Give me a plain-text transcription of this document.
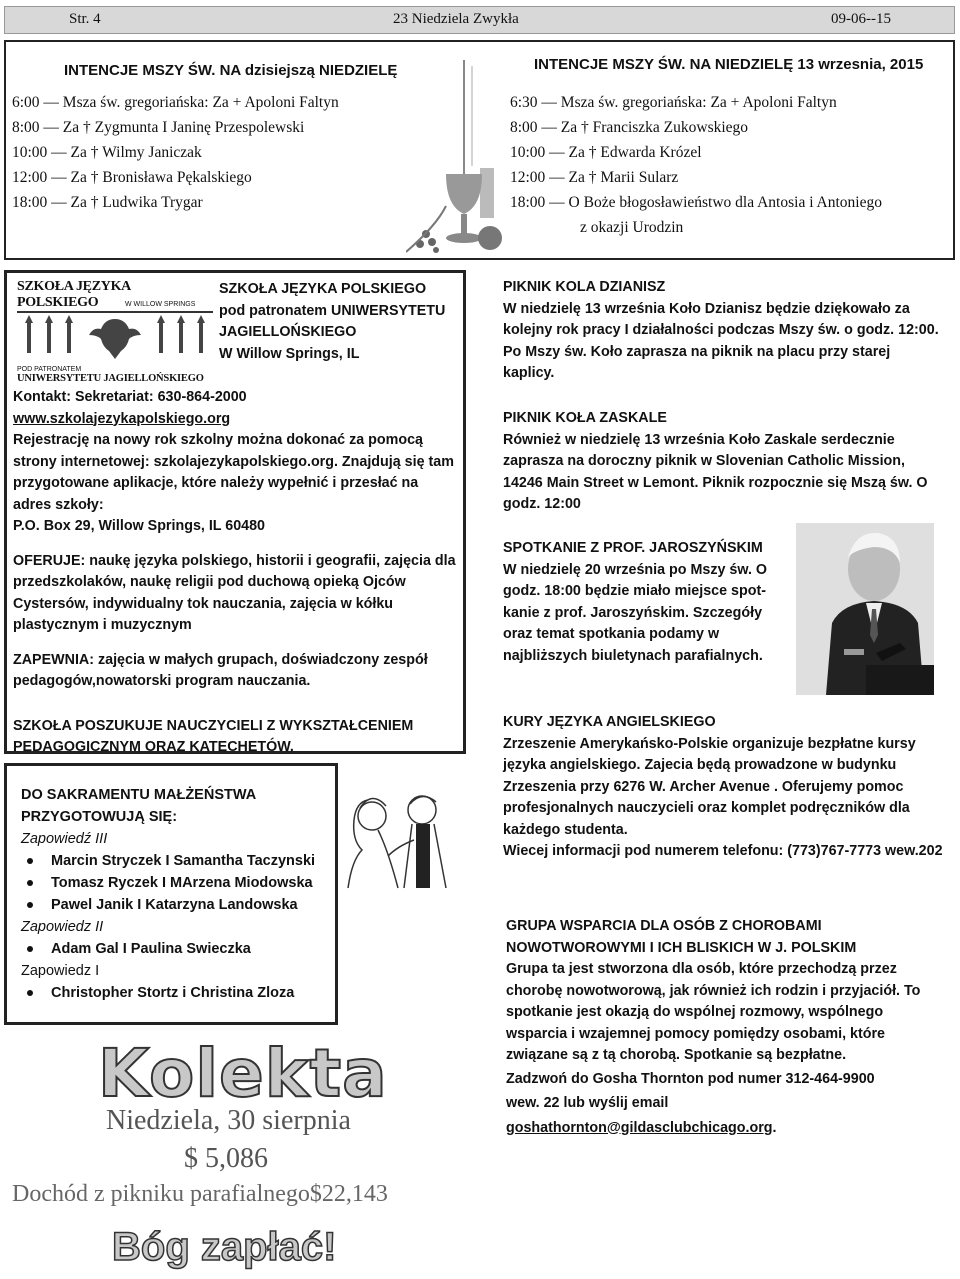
Str. 4	23 Niedziela Zwykła	09-06--15
INTENCJE MSZY ŚW. NA dzisiejszą NIEDZIELĘ
6:00 — Msza św. gregoriańska: Za + Apoloni Faltyn
8:00 — Za † Zygmunta I Janinę Przespolewski
10:00 — Za † Wilmy Janiczak
12:00 — Za † Bronisława Pękalskiego
18:00 — Za † Ludwika Trygar
INTENCJE MSZY ŚW. NA NIEDZIELĘ 13 wrzesnia, 2015
6:30 — Msza św. gregoriańska: Za + Apoloni Faltyn
8:00 — Za † Franciszka Zukowskiego
10:00 — Za † Edwarda Krózel
12:00 — Za † Marii Sularz
18:00 — O Boże błogosławieństwo dla Antosia i Antoniego
z okazji Urodzin
SZKOŁA JĘZYKA POLSKIEGO	W WILLOW SPRINGS
POD PATRONATEM
UNIWERSYTETU JAGIELLOŃSKIEGO
SZKOŁA JĘZYKA POLSKIEGO
pod patronatem UNIWERSYTETU
JAGIELLOŃSKIEGO
W Willow Springs, IL
Kontakt: Sekretariat: 630-864-2000
www.szkolajezykapolskiego.org
Rejestrację na nowy rok szkolny można dokonać za pomocą strony internetowej: szkolajezykapolskiego.org. Znajdują się tam przygotowane aplikacje, które należy wypełnić i przesłać na adres szkoły:
P.O. Box 29, Willow Springs, IL 60480
OFERUJE: naukę języka polskiego, historii i geografii, zajęcia dla przedszkolaków, naukę religii pod duchową opieką Ojców Cystersów, indywidualny tok nauczania, zajęcia w kółku plastycznym i muzycznym
ZAPEWNIA: zajęcia w małych grupach, doświadczony zespół pedagogów,nowatorski program nauczania.
SZKOŁA POSZUKUJE NAUCZYCIELI Z WYKSZTAŁCENIEM PEDAGOGICZNYM ORAZ KATECHETÓW.
DO SAKRAMENTU MAŁŻEŃSTWA
PRZYGOTOWUJĄ SIĘ:
Zapowiedź III
Marcin Stryczek I Samantha Taczynski
Tomasz Ryczek I MArzena Miodowska
Pawel Janik I Katarzyna Landowska
Zapowiedz II
Adam Gal I Paulina Swieczka
Zapowiedz I
Christopher Stortz i Christina Zloza
Kolekta
Niedziela, 30 sierpnia
$ 5,086
Dochód z pikniku parafialnego$22,143
Bóg zapłać!
PIKNIK KOLA DZIANISZ
W niedzielę 13 września Koło Dzianisz będzie dziękowało za kolejny rok pracy I działalności podczas Mszy św. o godz. 12:00. Po Mszy św. Koło zaprasza na piknik na placu przy starej kaplicy.
PIKNIK KOŁA ZASKALE
Również w niedzielę 13 września Koło Zaskale serdecznie zaprasza na doroczny piknik w Slovenian Catholic Mission, 14246 Main Street w Lemont. Piknik rozpocznie się Mszą św. O godz. 12:00
SPOTKANIE Z PROF. JAROSZYŃSKIM
W niedzielę 20 września po Mszy św. O
godz. 18:00 będzie miało miejsce spot-
kanie z prof. Jaroszyńskim. Szczegóły
oraz temat spotkania podamy w
najbliższych biuletynach parafialnych.
KURY JĘZYKA ANGIELSKIEGO
Zrzeszenie Amerykańsko-Polskie organizuje bezpłatne kursy języka angielskiego. Zajecia będą prowadzone w budynku Zrzeszenia przy 6276 W. Archer Avenue . Oferujemy pomoc profesjonalnych nauczycieli oraz komplet podręczników dla każdego studenta.
Wiecej informacji pod numerem telefonu: (773)767-7773 wew.202
GRUPA WSPARCIA DLA OSÓB Z CHOROBAMI
NOWOTWOROWYMI I ICH BLISKICH W J. POLSKIM
Grupa ta jest stworzona dla osób, które przechodzą przez chorobę nowotworową, jak również ich rodzin i przyjaciół. To spotkanie jest okazją do wspólnej rozmowy, wspólnego wsparcia i wzajemnej pomocy pomiędzy osobami, które związane są z tą chorobą. Spotkanie są bezpłatne.
Zadzwoń do Gosha Thornton pod numer 312-464-9900
wew. 22 lub wyślij email
goshathornton@gildasclubchicago.org.
